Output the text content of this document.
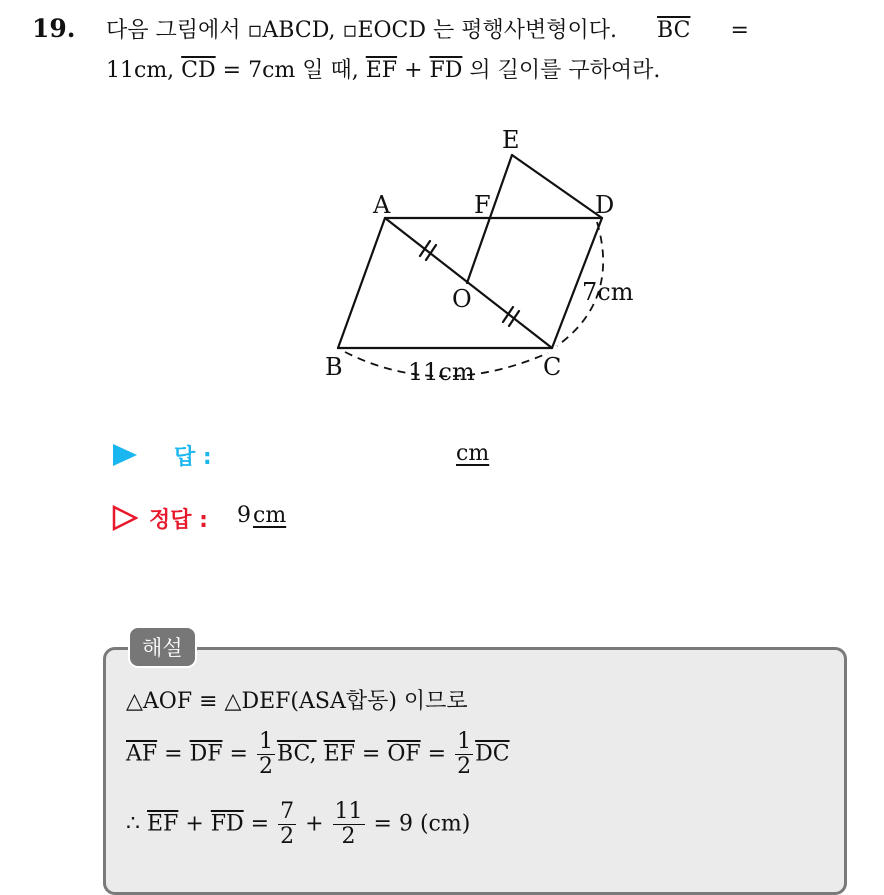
19. 다음 그림에서 ▫ABCD, ▫EOCD 는 평행사변형이다. $\overline{BC}$ =
11cm, $\overline{CD} = 7cm$ 일 때, $\overline{EF} + \overline{FD}$ 의 길이를 구하여라.
A
B	C
D
E
F
O
11cm
7cm
답 :	cm
정답 : 9 cm
해설
△AOF ≡ △DEF(ASA합동) 이므로
$\overline{AF} = \overline{DF} = \frac{1}{2}$ BC, $\overline{EF} = \overline{OF} = \frac{1}{2} \overline{DC}$
∴ $\overline{EF} + \overline{FD} = \frac{7}{2} + \frac{11}{2} = 9$ (cm)
